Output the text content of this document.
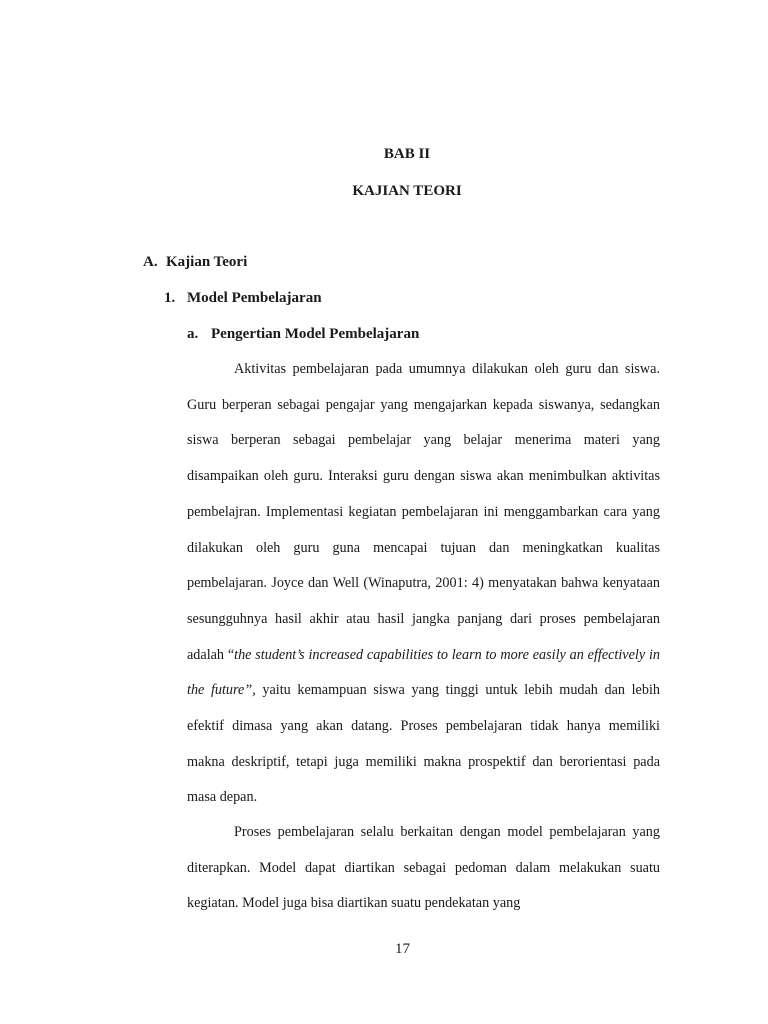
BAB II
KAJIAN TEORI
A. Kajian Teori
1. Model Pembelajaran
a. Pengertian Model Pembelajaran

Aktivitas pembelajaran pada umumnya dilakukan oleh guru dan siswa. Guru berperan sebagai pengajar yang mengajarkan kepada siswanya, sedangkan siswa berperan sebagai pembelajar yang belajar menerima materi yang disampaikan oleh guru. Interaksi guru dengan siswa akan menimbulkan aktivitas pembelajran. Implementasi kegiatan pembelajaran ini menggambarkan cara yang dilakukan oleh guru guna mencapai tujuan dan meningkatkan kualitas pembelajaran. Joyce dan Well (Winaputra, 2001: 4) menyatakan bahwa kenyataan sesungguhnya hasil akhir atau hasil jangka panjang dari proses pembelajaran adalah “the student’s increased capabilities to learn to more easily an effectively in the future”, yaitu kemampuan siswa yang tinggi untuk lebih mudah dan lebih efektif dimasa yang akan datang. Proses pembelajaran tidak hanya memiliki makna deskriptif, tetapi juga memiliki makna prospektif dan berorientasi pada masa depan.

Proses pembelajaran selalu berkaitan dengan model pembelajaran yang diterapkan. Model dapat diartikan sebagai pedoman dalam melakukan suatu kegiatan. Model juga bisa diartikan suatu pendekatan yang

17
